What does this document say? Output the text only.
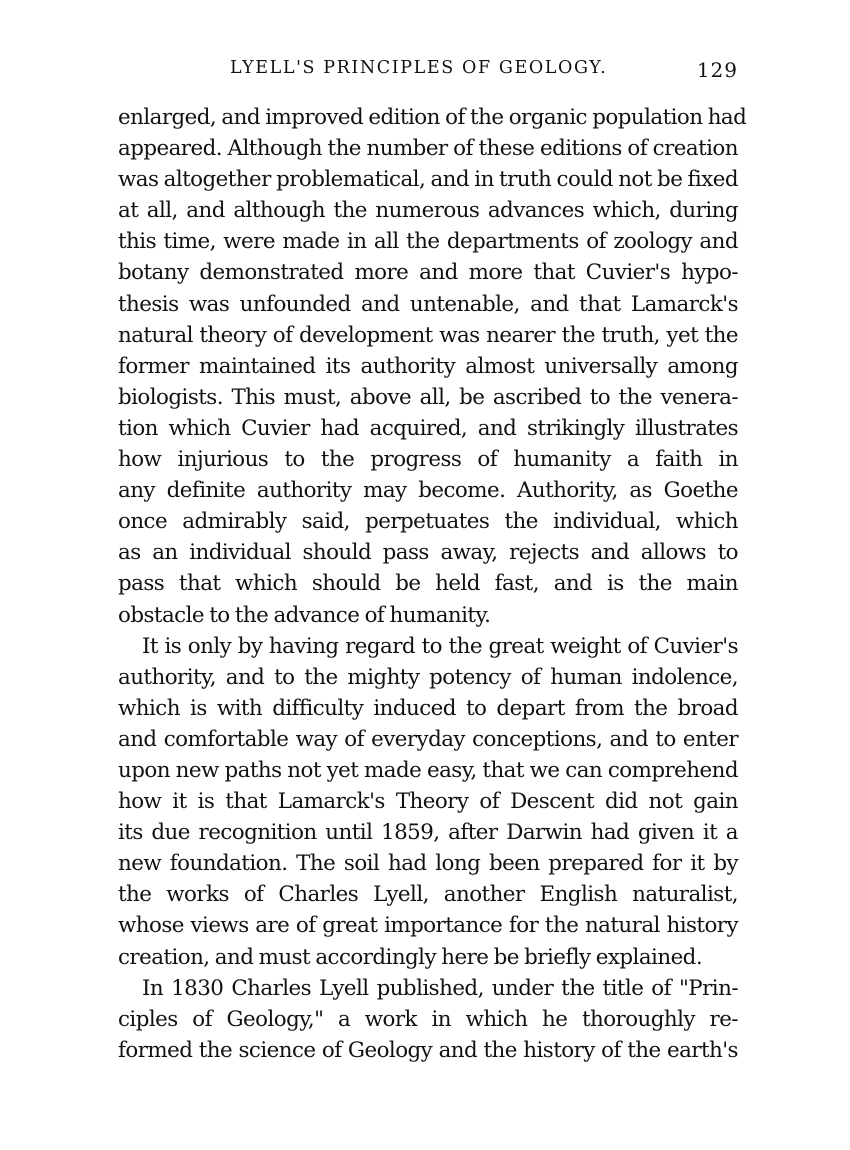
LYELL'S PRINCIPLES OF GEOLOGY.	129
enlarged, and improved edition of the organic population had
appeared. Although the number of these editions of creation
was altogether problematical, and in truth could not be fixed
at all, and although the numerous advances which, during
this time, were made in all the departments of zoology and
botany demonstrated more and more that Cuvier's hypo-
thesis was unfounded and untenable, and that Lamarck's
natural theory of development was nearer the truth, yet the
former maintained its authority almost universally among
biologists. This must, above all, be ascribed to the venera-
tion which Cuvier had acquired, and strikingly illustrates
how injurious to the progress of humanity a faith in
any definite authority may become. Authority, as Goethe
once admirably said, perpetuates the individual, which
as an individual should pass away, rejects and allows to
pass that which should be held fast, and is the main
obstacle to the advance of humanity.
It is only by having regard to the great weight of Cuvier's
authority, and to the mighty potency of human indolence,
which is with difficulty induced to depart from the broad
and comfortable way of everyday conceptions, and to enter
upon new paths not yet made easy, that we can comprehend
how it is that Lamarck's Theory of Descent did not gain
its due recognition until 1859, after Darwin had given it a
new foundation. The soil had long been prepared for it by
the works of Charles Lyell, another English naturalist,
whose views are of great importance for the natural history
creation, and must accordingly here be briefly explained.
In 1830 Charles Lyell published, under the title of "Prin-
ciples of Geology," a work in which he thoroughly re-
formed the science of Geology and the history of the earth's
